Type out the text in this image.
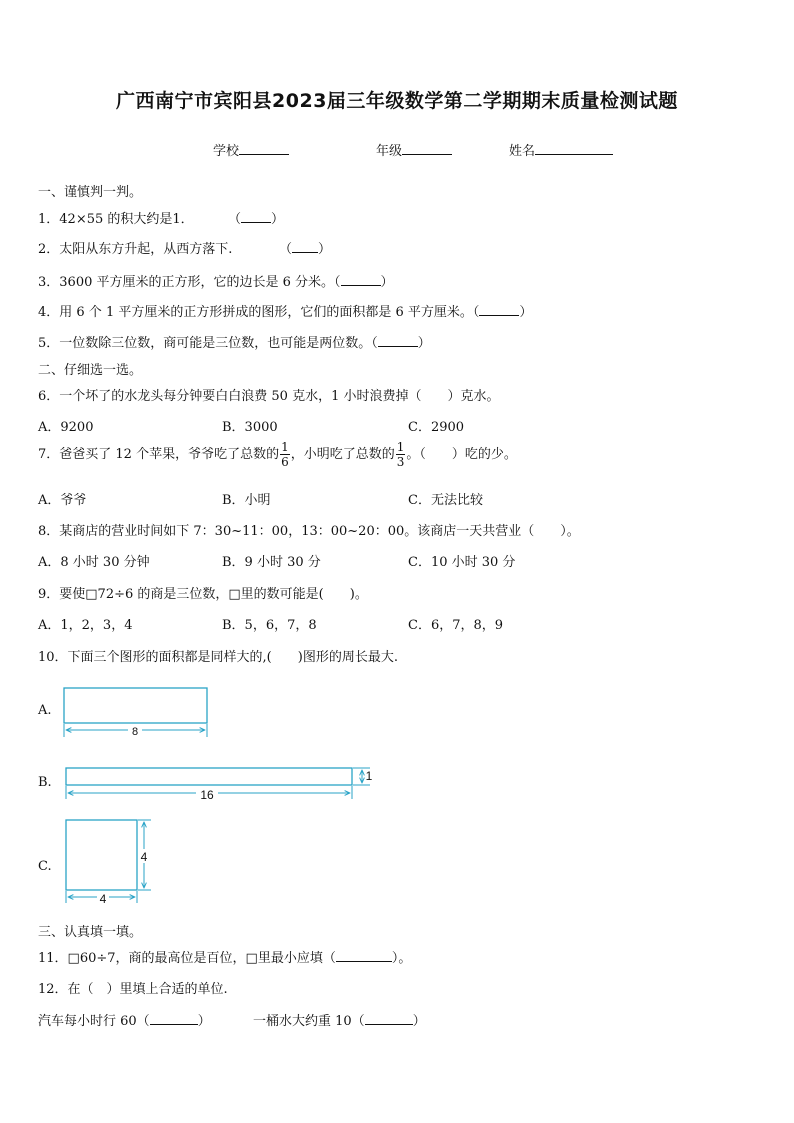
广西南宁市宾阳县2023届三年级数学第二学期期末质量检测试题
学校	年级	姓名
一、谨慎判一判。
1．42×55 的积大约是1．	（ ）
2．太阳从东方升起，从西方落下.	（ ）
3．3600 平方厘米的正方形，它的边长是 6 分米。（	）
4．用 6 个 1 平方厘米的正方形拼成的图形，它们的面积都是 6 平方厘米。（	）
5．一位数除三位数，商可能是三位数，也可能是两位数。（	）
二、仔细选一选。
6．一个坏了的水龙头每分钟要白白浪费 50 克水，1 小时浪费掉（　　）克水。
A．9200	B．3000	C．2900
7．爸爸买了 12 个苹果，爷爷吃了总数的 $\frac{1}{6}$ ，小明吃了总数的 $\frac{1}{3}$ 。（　　）吃的少。
A．爷爷	B．小明	C．无法比较
8．某商店的营业时间如下 7：30~11：00，13：00~20：00。该商店一天共营业（　　）。
A．8 小时 30 分钟	B．9 小时 30 分	C．10 小时 30 分
9．要使□72÷6 的商是三位数，□里的数可能是(　　)。
A．1，2，3，4	B．5，6，7，8	C．6，7，8，9
10．下面三个图形的面积都是同样大的,(　　)图形的周长最大.
A.
B.
C.
8
16
1
4
4
三、认真填一填。
11．□60÷7，商的最高位是百位，□里最小应填（	）。
12．在（　）里填上合适的单位.
汽车每小时行 60（	）	一桶水大约重 10（	）
